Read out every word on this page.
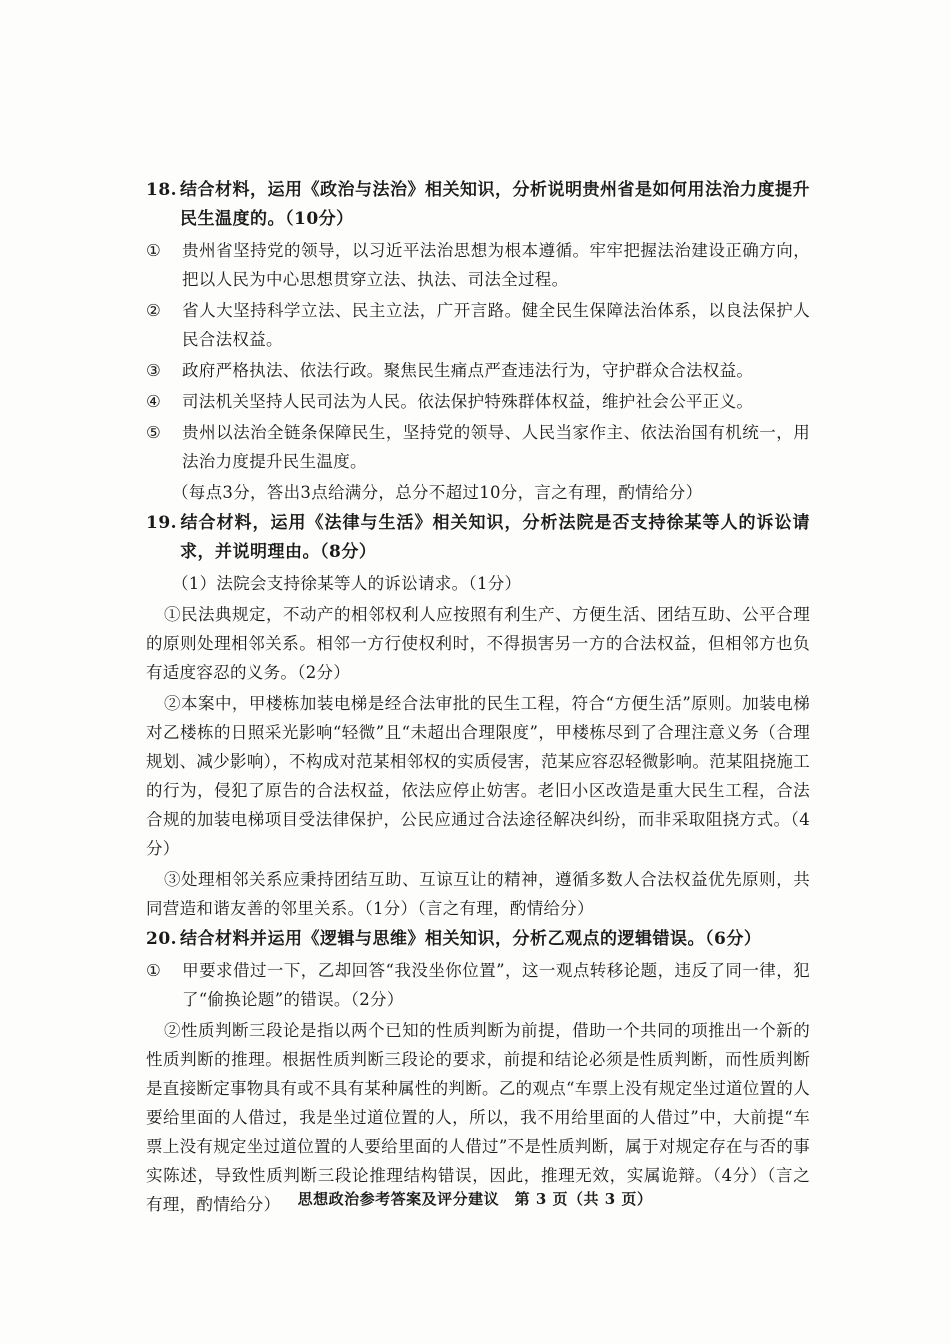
18. 结合材料，运用《政治与法治》相关知识，分析说明贵州省是如何用法治力度提升民生温度的。（10分）
① 贵州省坚持党的领导，以习近平法治思想为根本遵循。牢牢把握法治建设正确方向，把以人民为中心思想贯穿立法、执法、司法全过程。
② 省人大坚持科学立法、民主立法，广开言路。健全民生保障法治体系，以良法保护人民合法权益。
③ 政府严格执法、依法行政。聚焦民生痛点严查违法行为，守护群众合法权益。
④ 司法机关坚持人民司法为人民。依法保护特殊群体权益，维护社会公平正义。
⑤ 贵州以法治全链条保障民生，坚持党的领导、人民当家作主、依法治国有机统一，用法治力度提升民生温度。
（每点3分，答出3点给满分，总分不超过10分，言之有理，酌情给分）
19. 结合材料，运用《法律与生活》相关知识，分析法院是否支持徐某等人的诉讼请求，并说明理由。（8分）
（1）法院会支持徐某等人的诉讼请求。（1分）
①民法典规定，不动产的相邻权利人应按照有利生产、方便生活、团结互助、公平合理的原则处理相邻关系。相邻一方行使权利时，不得损害另一方的合法权益，但相邻方也负有适度容忍的义务。（2分）
②本案中，甲楼栋加装电梯是经合法审批的民生工程，符合“方便生活”原则。加装电梯对乙楼栋的日照采光影响“轻微”且“未超出合理限度”，甲楼栋尽到了合理注意义务（合理规划、减少影响），不构成对范某相邻权的实质侵害，范某应容忍轻微影响。范某阻挠施工的行为，侵犯了原告的合法权益，依法应停止妨害。老旧小区改造是重大民生工程，合法合规的加装电梯项目受法律保护，公民应通过合法途径解决纠纷，而非采取阻挠方式。（4分）
③处理相邻关系应秉持团结互助、互谅互让的精神，遵循多数人合法权益优先原则，共同营造和谐友善的邻里关系。（1分）（言之有理，酌情给分）
20. 结合材料并运用《逻辑与思维》相关知识，分析乙观点的逻辑错误。（6分）
① 甲要求借过一下，乙却回答“我没坐你位置”，这一观点转移论题，违反了同一律，犯了“偷换论题”的错误。（2分）
②性质判断三段论是指以两个已知的性质判断为前提，借助一个共同的项推出一个新的性质判断的推理。根据性质判断三段论的要求，前提和结论必须是性质判断，而性质判断是直接断定事物具有或不具有某种属性的判断。乙的观点“车票上没有规定坐过道位置的人要给里面的人借过，我是坐过道位置的人，所以，我不用给里面的人借过”中，大前提“车票上没有规定坐过道位置的人要给里面的人借过”不是性质判断，属于对规定存在与否的事实陈述，导致性质判断三段论推理结构错误，因此，推理无效，实属诡辩。（4分）（言之有理，酌情给分）	思想政治参考答案及评分建议　第 3 页（共 3 页）
